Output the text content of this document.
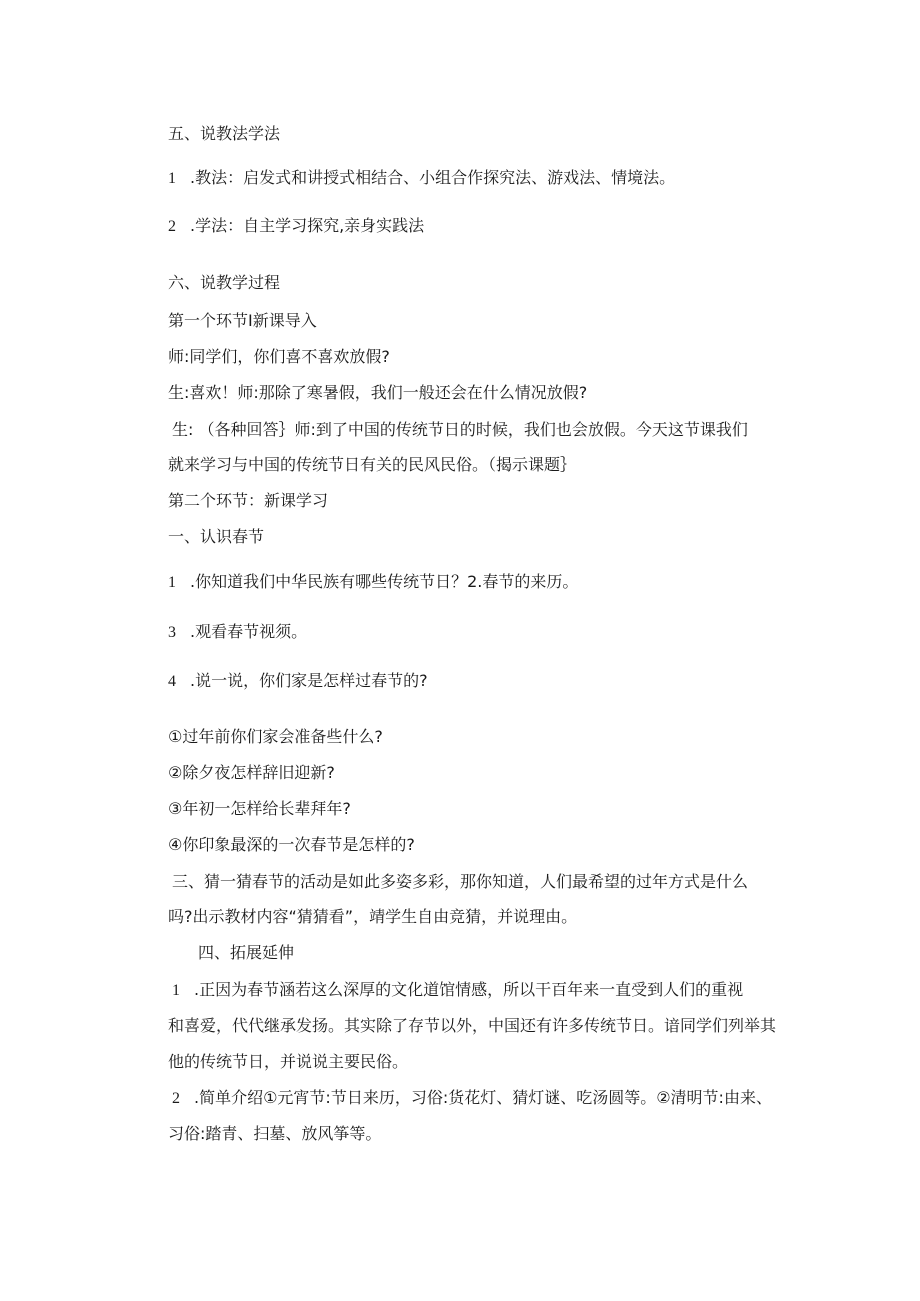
五、说教法学法
1 .教法：启发式和讲授式相结合、小组合作探究法、游戏法、情境法。
2 .学法：自主学习探究,亲身实践法
六、说教学过程
第一个环节I新课导入
师:同学们，你们喜不喜欢放假?
生:喜欢！师:那除了寒暑假，我们一般还会在什么情况放假?
生: （各种回答｝师:到了中国的传统节日的时候，我们也会放假。今天这节课我们
就来学习与中国的传统节日有关的民风民俗。（揭示课题｝
第二个环节：新课学习
一、认识春节
1 .你知道我们中华民族有哪些传统节日？2.春节的来历。
3 .观看春节视须。
4 .说一说，你们家是怎样过春节的?
①过年前你们家会准备些什么?
②除夕夜怎样辞旧迎新?
③年初一怎样给长辈拜年?
④你印象最深的一次春节是怎样的?
三、猜一猜春节的活动是如此多姿多彩，那你知道，人们最希望的过年方式是什么
吗?出示教材内容“猜猜看”，靖学生自由竞猜，并说理由。
四、拓展延伸
1 .正因为春节涵若这么深厚的文化道馆情感，所以干百年来一直受到人们的重视
和喜爱，代代继承发扬。其实除了存节以外，中国还有许多传统节日。谙同学们列举其
他的传统节日，并说说主要民俗。
2 .简单介绍①元宵节:节日来历，习俗:货花灯、猜灯谜、吃汤圆等。②清明节:由来、
习俗:踏青、扫墓、放风筝等。
